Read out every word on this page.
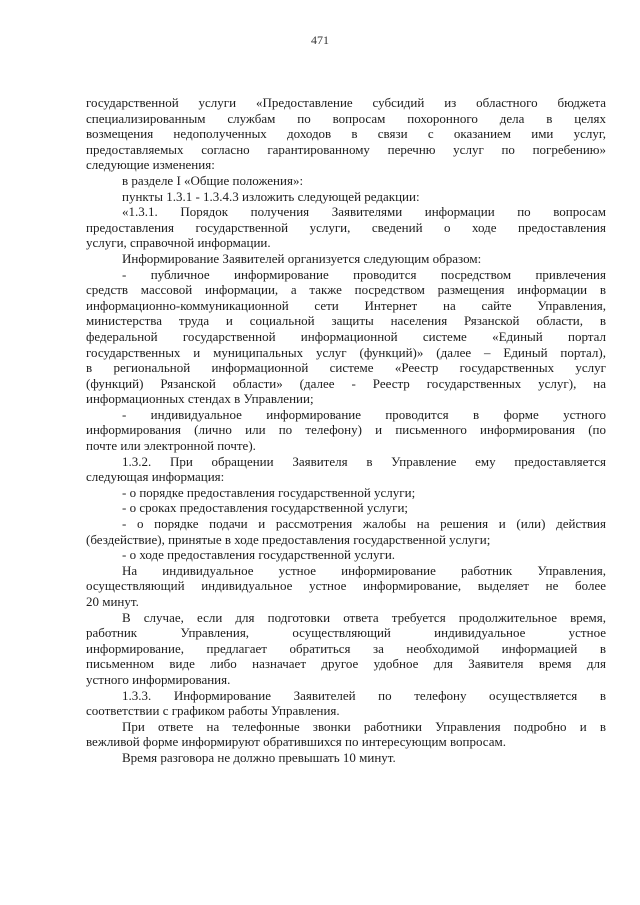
471

государственной услуги «Предоставление субсидий из областного бюджета

специализированным службам по вопросам похоронного дела в целях

возмещения недополученных доходов в связи с оказанием ими услуг,

предоставляемых согласно гарантированному перечню услуг по погребению»

следующие изменения:

в разделе I «Общие положения»:

пункты 1.3.1 - 1.3.4.3 изложить следующей редакции:

«1.3.1. Порядок получения Заявителями информации по вопросам

предоставления государственной услуги, сведений о ходе предоставления

услуги, справочной информации.

Информирование Заявителей организуется следующим образом:

- публичное информирование проводится посредством привлечения

средств массовой информации, а также посредством размещения информации в

информационно-коммуникационной сети Интернет на сайте Управления,

министерства труда и социальной защиты населения Рязанской области, в

федеральной государственной информационной системе «Единый портал

государственных и муниципальных услуг (функций)» (далее – Единый портал),

в региональной информационной системе «Реестр государственных услуг

(функций) Рязанской области» (далее - Реестр государственных услуг), на

информационных стендах в Управлении;

- индивидуальное информирование проводится в форме устного

информирования (лично или по телефону) и письменного информирования (по

почте или электронной почте).

1.3.2. При обращении Заявителя в Управление ему предоставляется

следующая информация:

- о порядке предоставления государственной услуги;

- о сроках предоставления государственной услуги;

- о порядке подачи и рассмотрения жалобы на решения и (или) действия

(бездействие), принятые в ходе предоставления государственной услуги;

- о ходе предоставления государственной услуги.

На индивидуальное устное информирование работник Управления,

осуществляющий индивидуальное устное информирование, выделяет не более

20 минут.

В случае, если для подготовки ответа требуется продолжительное время,

работник Управления, осуществляющий индивидуальное устное

информирование, предлагает обратиться за необходимой информацией в

письменном виде либо назначает другое удобное для Заявителя время для

устного информирования.

1.3.3. Информирование Заявителей по телефону осуществляется в

соответствии с графиком работы Управления.

При ответе на телефонные звонки работники Управления подробно и в

вежливой форме информируют обратившихся по интересующим вопросам.

Время разговора не должно превышать 10 минут.
